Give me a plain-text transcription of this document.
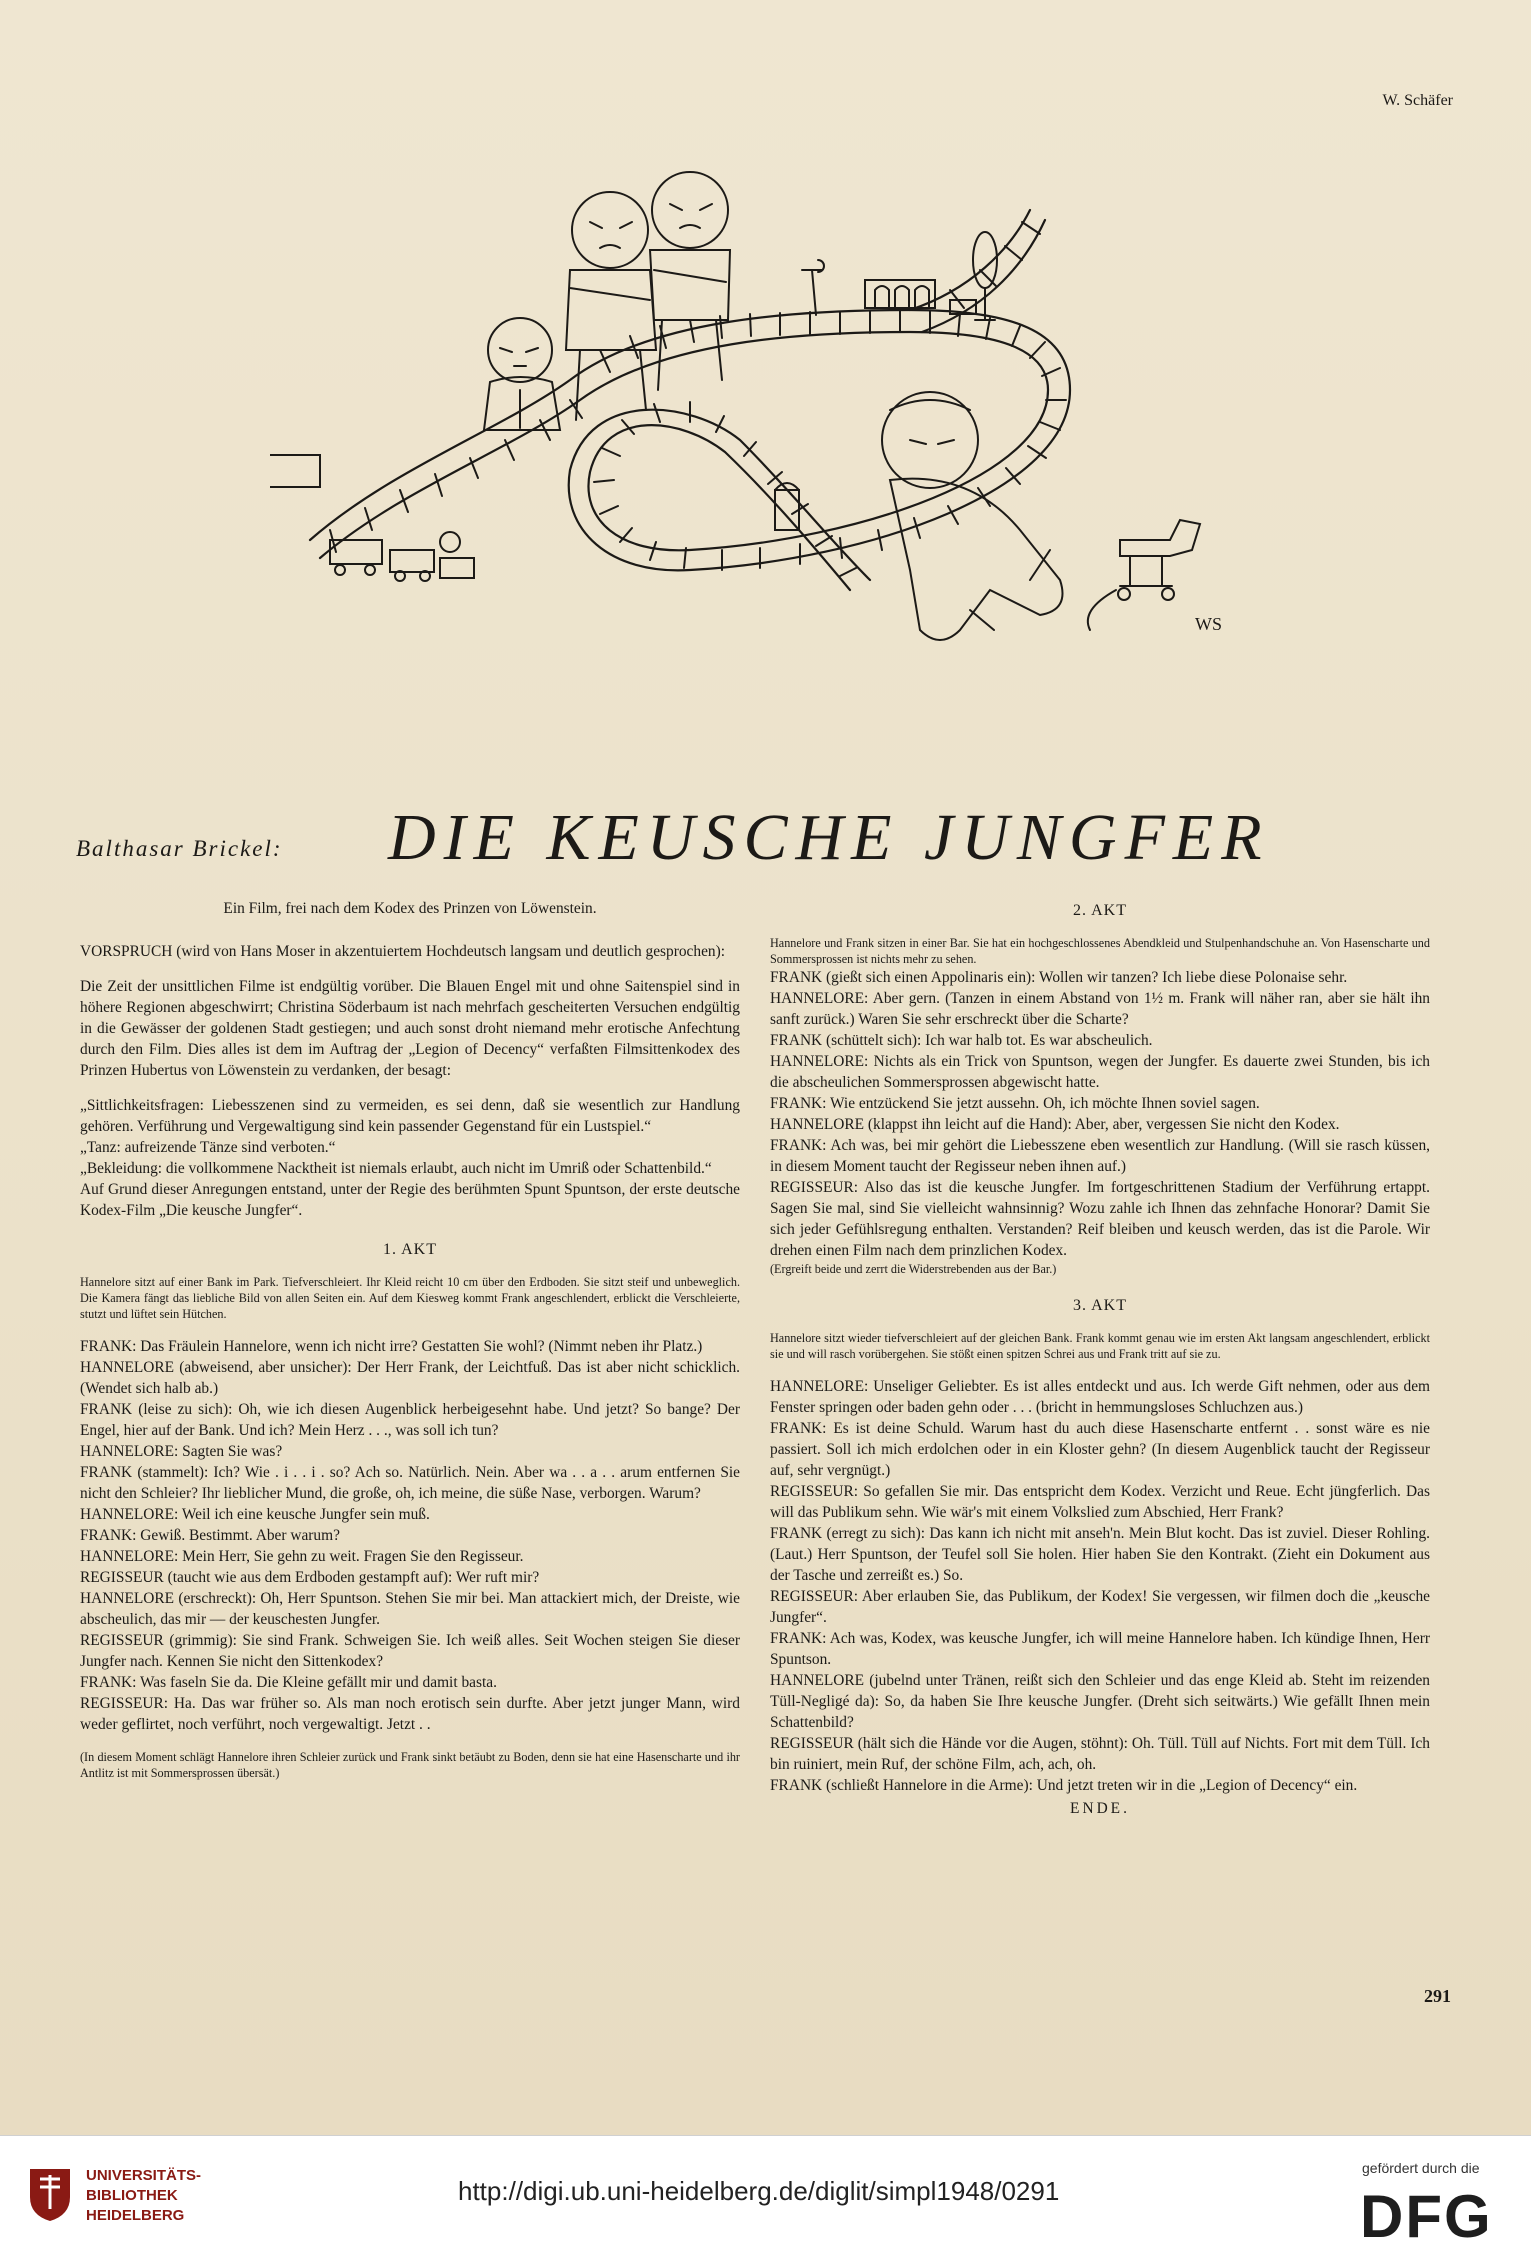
W. Schäfer
WS
Balthasar Brickel: DIE KEUSCHE JUNGFER

Ein Film, frei nach dem Kodex des Prinzen von Löwenstein.

VORSPRUCH (wird von Hans Moser in akzentuiertem Hochdeutsch langsam und deutlich gesprochen):

Die Zeit der unsittlichen Filme ist endgültig vorüber. Die Blauen Engel mit und ohne Saitenspiel sind in höhere Regionen abgeschwirrt; Christina Söderbaum ist nach mehrfach gescheiterten Versuchen endgültig in die Gewässer der goldenen Stadt gestiegen; und auch sonst droht niemand mehr erotische Anfechtung durch den Film. Dies alles ist dem im Auftrag der „Legion of Decency“ verfaßten Filmsittenkodex des Prinzen Hubertus von Löwenstein zu verdanken, der besagt:

„Sittlichkeitsfragen: Liebesszenen sind zu vermeiden, es sei denn, daß sie wesentlich zur Handlung gehören. Verführung und Vergewaltigung sind kein passender Gegenstand für ein Lustspiel.“

„Tanz: aufreizende Tänze sind verboten.“

„Bekleidung: die vollkommene Nacktheit ist niemals erlaubt, auch nicht im Umriß oder Schattenbild.“

Auf Grund dieser Anregungen entstand, unter der Regie des berühmten Spunt Spuntson, der erste deutsche Kodex-Film „Die keusche Jungfer“.

1. AKT

Hannelore sitzt auf einer Bank im Park. Tiefverschleiert. Ihr Kleid reicht 10 cm über den Erdboden. Sie sitzt steif und unbeweglich. Die Kamera fängt das liebliche Bild von allen Seiten ein. Auf dem Kiesweg kommt Frank angeschlendert, erblickt die Verschleierte, stutzt und lüftet sein Hütchen.

FRANK: Das Fräulein Hannelore, wenn ich nicht irre? Gestatten Sie wohl? (Nimmt neben ihr Platz.)

HANNELORE (abweisend, aber unsicher): Der Herr Frank, der Leichtfuß. Das ist aber nicht schicklich. (Wendet sich halb ab.)

FRANK (leise zu sich): Oh, wie ich diesen Augenblick herbeigesehnt habe. Und jetzt? So bange? Der Engel, hier auf der Bank. Und ich? Mein Herz . . ., was soll ich tun?

HANNELORE: Sagten Sie was?

FRANK (stammelt): Ich? Wie . i . . i . so? Ach so. Natürlich. Nein. Aber wa . . a . . arum entfernen Sie nicht den Schleier? Ihr lieblicher Mund, die große, oh, ich meine, die süße Nase, verborgen. Warum?

HANNELORE: Weil ich eine keusche Jungfer sein muß.

FRANK: Gewiß. Bestimmt. Aber warum?

HANNELORE: Mein Herr, Sie gehn zu weit. Fragen Sie den Regisseur.

REGISSEUR (taucht wie aus dem Erdboden gestampft auf): Wer ruft mir?

HANNELORE (erschreckt): Oh, Herr Spuntson. Stehen Sie mir bei. Man attackiert mich, der Dreiste, wie abscheulich, das mir — der keuschesten Jungfer.

REGISSEUR (grimmig): Sie sind Frank. Schweigen Sie. Ich weiß alles. Seit Wochen steigen Sie dieser Jungfer nach. Kennen Sie nicht den Sittenkodex?

FRANK: Was faseln Sie da. Die Kleine gefällt mir und damit basta.

REGISSEUR: Ha. Das war früher so. Als man noch erotisch sein durfte. Aber jetzt junger Mann, wird weder geflirtet, noch verführt, noch vergewaltigt. Jetzt . .

(In diesem Moment schlägt Hannelore ihren Schleier zurück und Frank sinkt betäubt zu Boden, denn sie hat eine Hasenscharte und ihr Antlitz ist mit Sommersprossen übersät.)

2. AKT

Hannelore und Frank sitzen in einer Bar. Sie hat ein hochgeschlossenes Abendkleid und Stulpenhandschuhe an. Von Hasenscharte und Sommersprossen ist nichts mehr zu sehen.

FRANK (gießt sich einen Appolinaris ein): Wollen wir tanzen? Ich liebe diese Polonaise sehr.

HANNELORE: Aber gern. (Tanzen in einem Abstand von 1½ m. Frank will näher ran, aber sie hält ihn sanft zurück.) Waren Sie sehr erschreckt über die Scharte?

FRANK (schüttelt sich): Ich war halb tot. Es war abscheulich.

HANNELORE: Nichts als ein Trick von Spuntson, wegen der Jungfer. Es dauerte zwei Stunden, bis ich die abscheulichen Sommersprossen abgewischt hatte.

FRANK: Wie entzückend Sie jetzt aussehn. Oh, ich möchte Ihnen soviel sagen.

HANNELORE (klappst ihn leicht auf die Hand): Aber, aber, vergessen Sie nicht den Kodex.

FRANK: Ach was, bei mir gehört die Liebesszene eben wesentlich zur Handlung. (Will sie rasch küssen, in diesem Moment taucht der Regisseur neben ihnen auf.)

REGISSEUR: Also das ist die keusche Jungfer. Im fortgeschrittenen Stadium der Verführung ertappt. Sagen Sie mal, sind Sie vielleicht wahnsinnig? Wozu zahle ich Ihnen das zehnfache Honorar? Damit Sie sich jeder Gefühlsregung enthalten. Verstanden? Reif bleiben und keusch werden, das ist die Parole. Wir drehen einen Film nach dem prinzlichen Kodex.

(Ergreift beide und zerrt die Widerstrebenden aus der Bar.)

3. AKT

Hannelore sitzt wieder tiefverschleiert auf der gleichen Bank. Frank kommt genau wie im ersten Akt langsam angeschlendert, erblickt sie und will rasch vorübergehen. Sie stößt einen spitzen Schrei aus und Frank tritt auf sie zu.

HANNELORE: Unseliger Geliebter. Es ist alles entdeckt und aus. Ich werde Gift nehmen, oder aus dem Fenster springen oder baden gehn oder . . . (bricht in hemmungsloses Schluchzen aus.)

FRANK: Es ist deine Schuld. Warum hast du auch diese Hasenscharte entfernt . . sonst wäre es nie passiert. Soll ich mich erdolchen oder in ein Kloster gehn? (In diesem Augenblick taucht der Regisseur auf, sehr vergnügt.)

REGISSEUR: So gefallen Sie mir. Das entspricht dem Kodex. Verzicht und Reue. Echt jüngferlich. Das will das Publikum sehn. Wie wär's mit einem Volkslied zum Abschied, Herr Frank?

FRANK (erregt zu sich): Das kann ich nicht mit anseh'n. Mein Blut kocht. Das ist zuviel. Dieser Rohling. (Laut.) Herr Spuntson, der Teufel soll Sie holen. Hier haben Sie den Kontrakt. (Zieht ein Dokument aus der Tasche und zerreißt es.) So.

REGISSEUR: Aber erlauben Sie, das Publikum, der Kodex! Sie vergessen, wir filmen doch die „keusche Jungfer“.

FRANK: Ach was, Kodex, was keusche Jungfer, ich will meine Hannelore haben. Ich kündige Ihnen, Herr Spuntson.

HANNELORE (jubelnd unter Tränen, reißt sich den Schleier und das enge Kleid ab. Steht im reizenden Tüll-Negligé da): So, da haben Sie Ihre keusche Jungfer. (Dreht sich seitwärts.) Wie gefällt Ihnen mein Schattenbild?

REGISSEUR (hält sich die Hände vor die Augen, stöhnt): Oh. Tüll. Tüll auf Nichts. Fort mit dem Tüll. Ich bin ruiniert, mein Ruf, der schöne Film, ach, ach, oh.

FRANK (schließt Hannelore in die Arme): Und jetzt treten wir in die „Legion of Decency“ ein.

ENDE.

291
UNIVERSITÄTS-
BIBLIOTHEK
HEIDELBERG
http://digi.ub.uni-heidelberg.de/diglit/simpl1948/0291
gefördert durch die
DFG
